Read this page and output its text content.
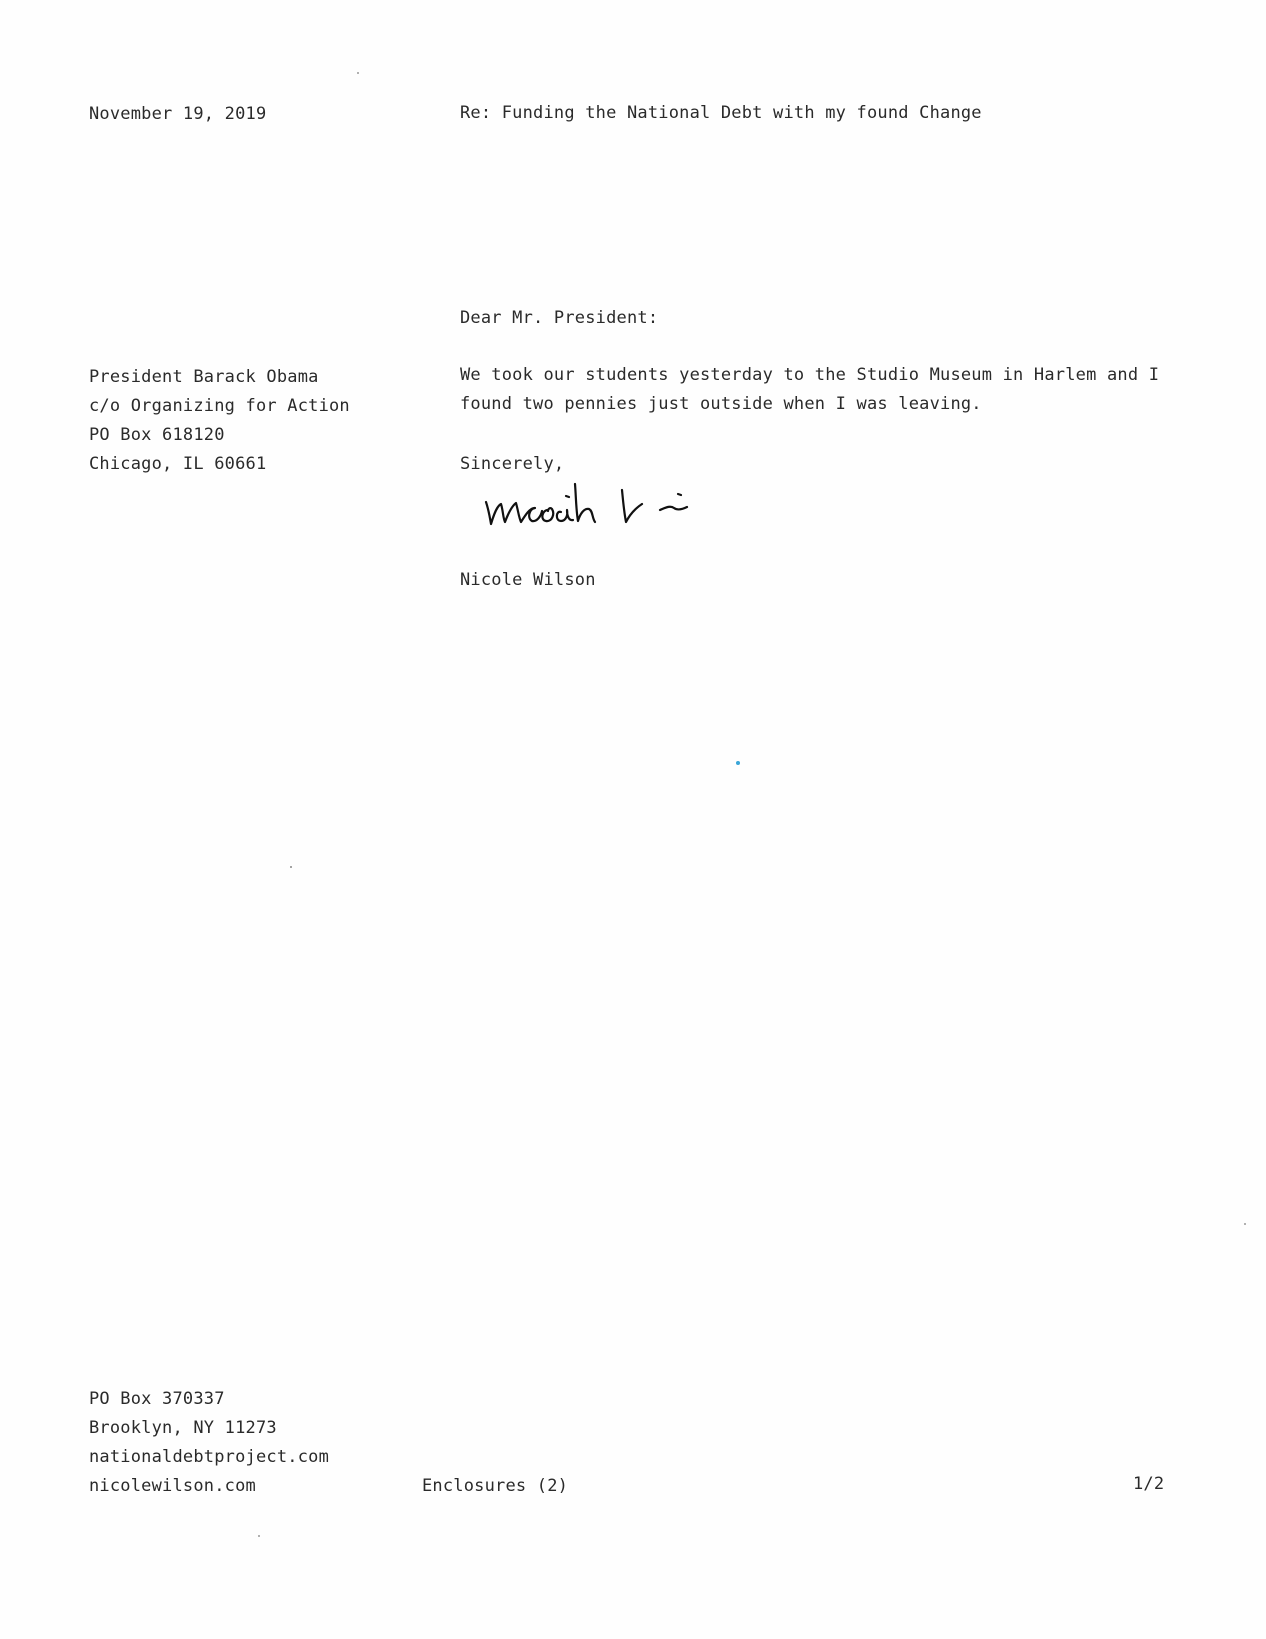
November 19, 2019	Re: Funding the National Debt with my found Change
Dear Mr. President:
President Barack Obama
c/o Organizing for Action
PO Box 618120
Chicago, IL 60661
We took our students yesterday to the Studio Museum in Harlem and I
found two pennies just outside when I was leaving.
Sincerely,
Nicole Wilson
PO Box 370337
Brooklyn, NY 11273
nationaldebtproject.com
nicolewilson.com	Enclosures (2)	1/2
